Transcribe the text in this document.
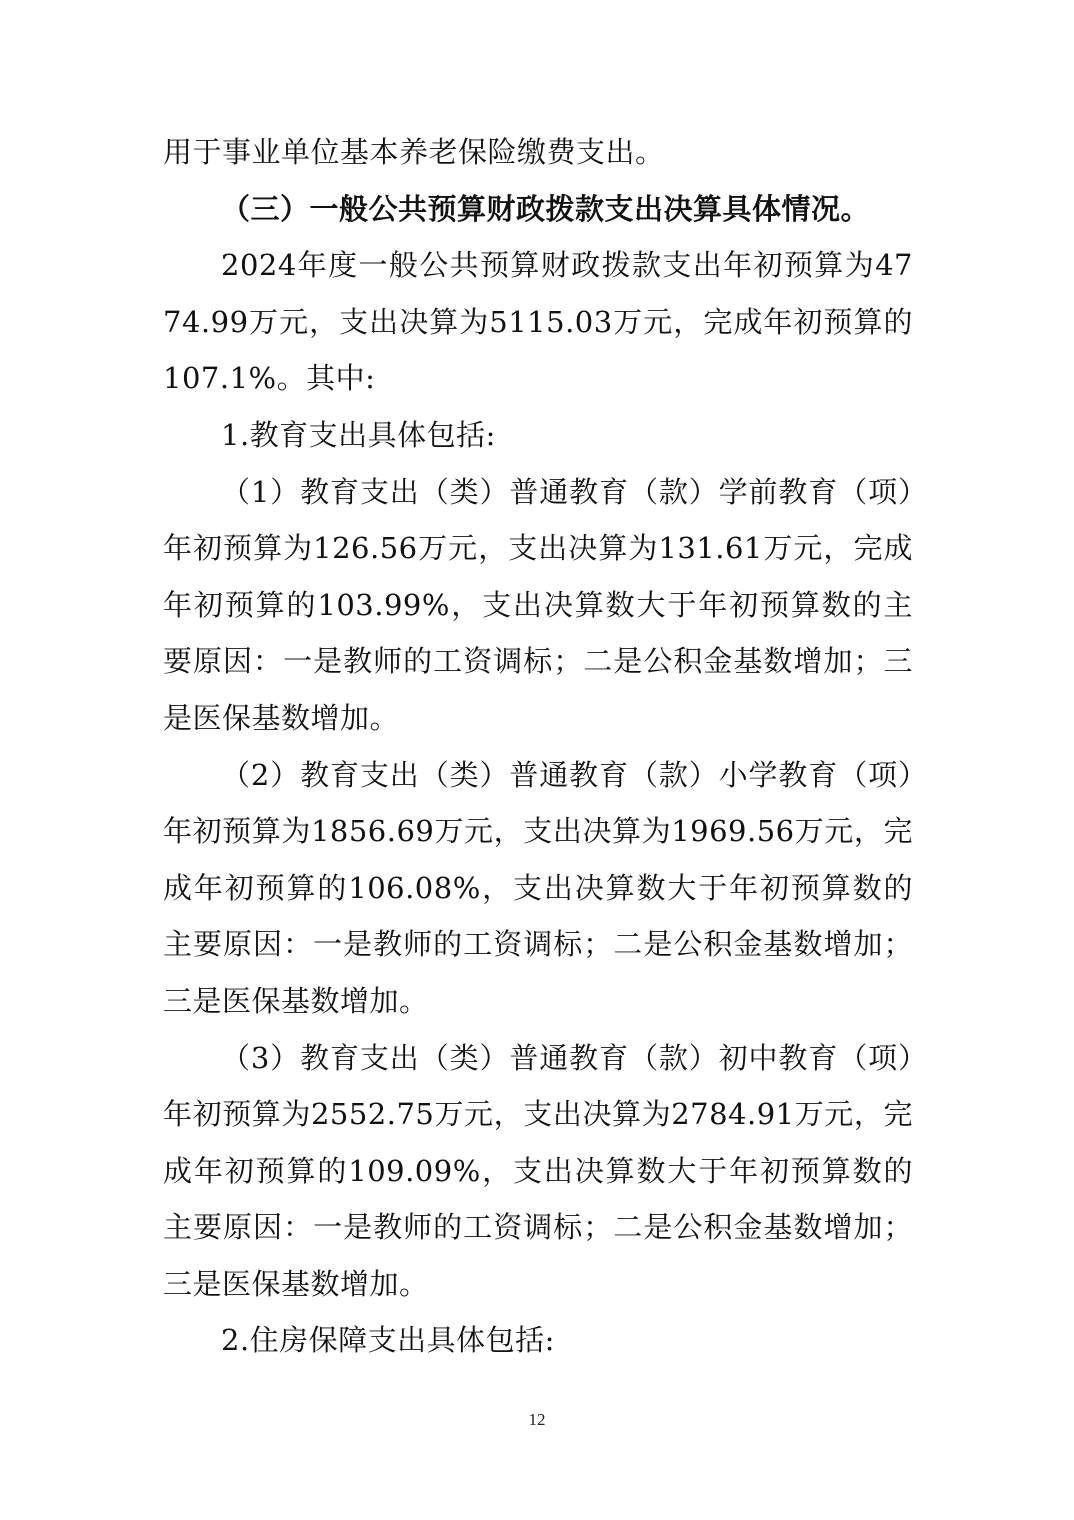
用于事业单位基本养老保险缴费支出。

（三）一般公共预算财政拨款支出决算具体情况。

2024年度一般公共预算财政拨款支出年初预算为4774.99万元，支出决算为5115.03万元，完成年初预算的107.1%。其中:

1.教育支出具体包括:

（1）教育支出（类）普通教育（款）学前教育（项）年初预算为126.56万元，支出决算为131.61万元，完成年初预算的103.99%，支出决算数大于年初预算数的主要原因：一是教师的工资调标；二是公积金基数增加；三是医保基数增加。

（2）教育支出（类）普通教育（款）小学教育（项）年初预算为1856.69万元，支出决算为1969.56万元，完成年初预算的106.08%，支出决算数大于年初预算数的主要原因：一是教师的工资调标；二是公积金基数增加；三是医保基数增加。

（3）教育支出（类）普通教育（款）初中教育（项）年初预算为2552.75万元，支出决算为2784.91万元，完成年初预算的109.09%，支出决算数大于年初预算数的主要原因：一是教师的工资调标；二是公积金基数增加；三是医保基数增加。

2.住房保障支出具体包括:

12
